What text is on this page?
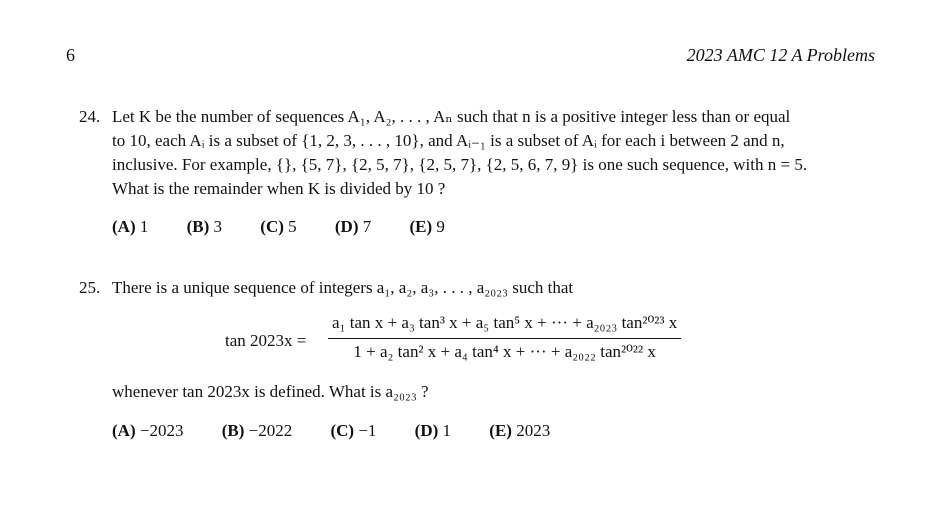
6	2023 AMC 12 A Problems
24. Let K be the number of sequences A₁, A₂, . . . , Aₙ such that n is a positive integer less than or equal
to 10, each Aᵢ is a subset of {1, 2, 3, . . . , 10}, and Aᵢ₋₁ is a subset of Aᵢ for each i between 2 and n,
inclusive. For example, {}, {5, 7}, {2, 5, 7}, {2, 5, 7}, {2, 5, 6, 7, 9} is one such sequence, with n = 5.
What is the remainder when K is divided by 10 ?
(A) 1 (B) 3 (C) 5 (D) 7 (E) 9
25. There is a unique sequence of integers a₁, a₂, a₃, . . . , a₂₀₂₃ such that
tan 2023x =
a₁ tan x + a₃ tan³ x + a₅ tan⁵ x + ··· + a₂₀₂₃ tan²⁰²³ x
1 + a₂ tan² x + a₄ tan⁴ x + ··· + a₂₀₂₂ tan²⁰²² x
whenever tan 2023x is defined. What is a₂₀₂₃ ?
(A) −2023 (B) −2022 (C) −1 (D) 1 (E) 2023
